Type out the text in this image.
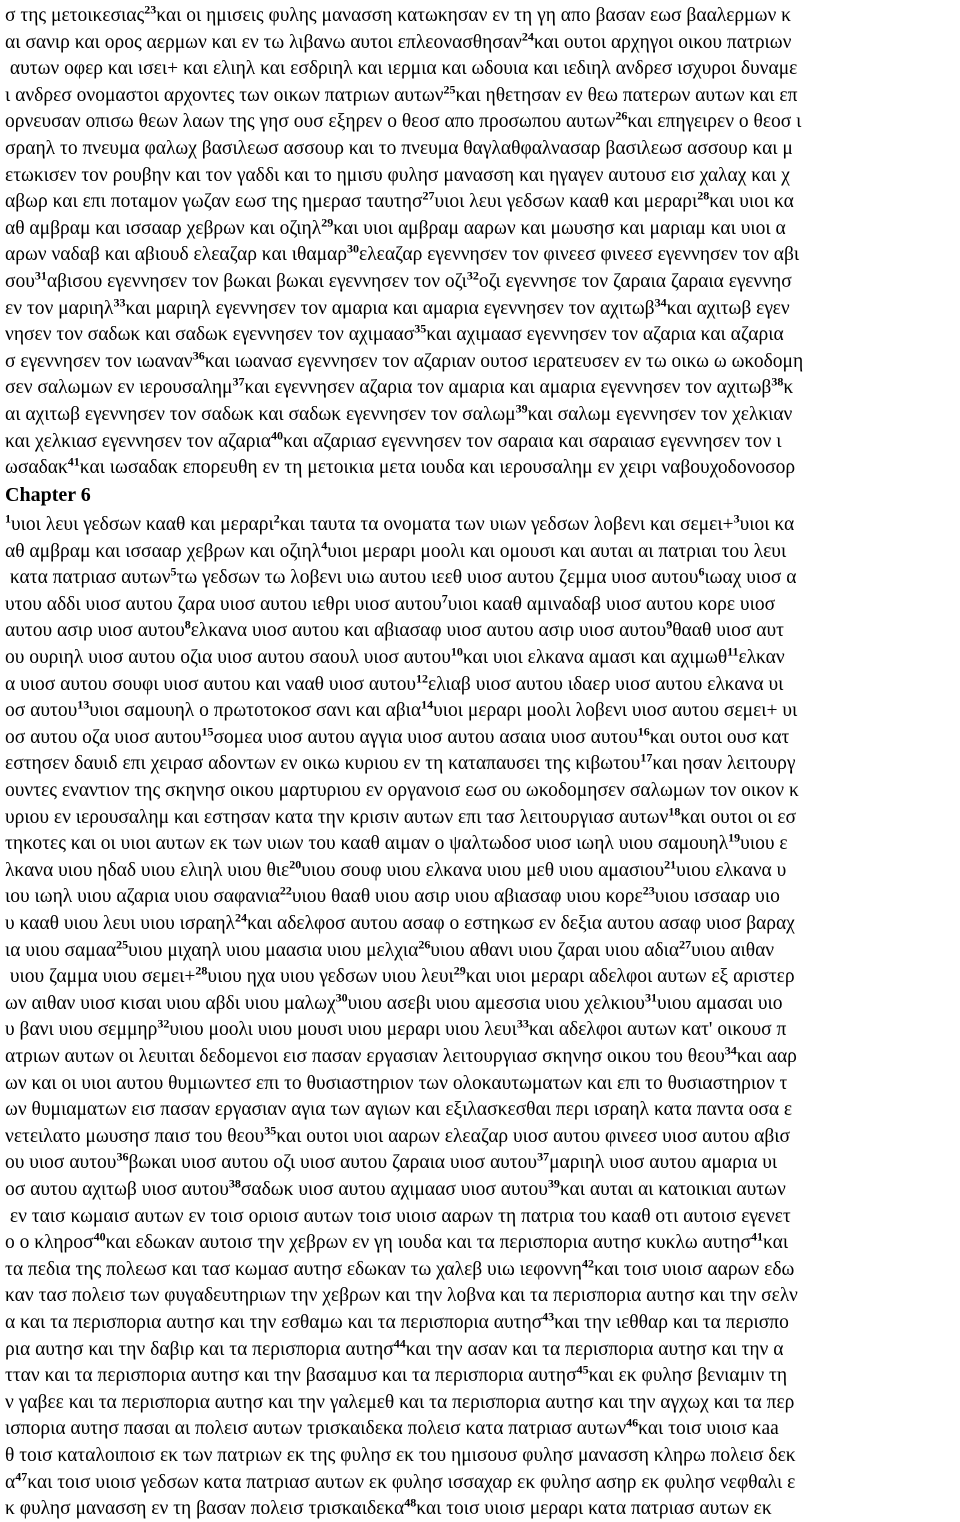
σ της μετοικεσιας$^{23}$και οι ημισεις φυλης μανασση κατωκησαν εν τη γη απο βασαν εωσ βααλερμων κ
αι σανιρ και ορος αερμων και εν τω λιβανω αυτοι επλεονασθησαν$^{24}$και ουτοι αρχηγοι οικου πατριων
αυτων οφερ και ισει+ και ελιηλ και εσδριηλ και ιερμια και ωδουια και ιεδιηλ ανδρεσ ισχυροι δυναμε
ι ανδρεσ ονομαστοι αρχοντες των οικων πατριων αυτων$^{25}$και ηθετησαν εν θεω πατερων αυτων και επ
ορνευσαν οπισω θεων λαων της γησ ουσ εξηρεν ο θεοσ απο προσωπου αυτων$^{26}$και επηγειρεν ο θεοσ ι
σραηλ το πνευμα φαλωχ βασιλεωσ ασσουρ και το πνευμα θαγλαθφαλνασαρ βασιλεωσ ασσουρ και μ
ετωκισεν τον ρουβην και τον γαδδι και το ημισυ φυλησ μανασση και ηγαγεν αυτουσ εισ χαλαχ και χ
αβωρ και επι ποταμον γωζαν εωσ της ημερασ ταυτησ$^{27}$υιοι λευι γεδσων κααθ και μεραρι$^{28}$και υιοι κα
αθ αμβραμ και ισσααρ χεβρων και οζιηλ$^{29}$και υιοι αμβραμ ααρων και μωυσησ και μαριαμ και υιοι α
αρων ναδαβ και αβιουδ ελεαζαρ και ιθαμαρ$^{30}$ελεαζαρ εγεννησεν τον φινεεσ φινεεσ εγεννησεν τον αβι
σου$^{31}$αβισου εγεννησεν τον βωκαι βωκαι εγεννησεν τον οζι$^{32}$οζι εγεννησε τον ζαραια ζαραια εγεννησ
εν τον μαριηλ$^{33}$και μαριηλ εγεννησεν τον αμαρια και αμαρια εγεννησεν τον αχιτωβ$^{34}$και αχιτωβ εγεν
νησεν τον σαδωκ και σαδωκ εγεννησεν τον αχιμαασ$^{35}$και αχιμαασ εγεννησεν τον αζαρια και αζαρια
σ εγεννησεν τον ιωαναν$^{36}$και ιωανασ εγεννησεν τον αζαριαν ουτοσ ιερατευσεν εν τω οικω ω ωκοδομη
σεν σαλωμων εν ιερουσαλημ$^{37}$και εγεννησεν αζαρια τον αμαρια και αμαρια εγεννησεν τον αχιτωβ$^{38}$κ
αι αχιτωβ εγεννησεν τον σαδωκ και σαδωκ εγεννησεν τον σαλωμ$^{39}$και σαλωμ εγεννησεν τον χελκιαν
και χελκιασ εγεννησεν τον αζαρια$^{40}$και αζαριασ εγεννησεν τον σαραια και σαραιασ εγεννησεν τον ι
ωσαδακ$^{41}$και ιωσαδακ επορευθη εν τη μετοικια μετα ιουδα και ιερουσαλημ εν χειρι ναβουχοδονοσορ
Chapter 6
$^1$υιοι λευι γεδσων κααθ και μεραρι$^2$και ταυτα τα ονοματα των υιων γεδσων λοβενι και σεμει+$^3$υιοι κα
αθ αμβραμ και ισσααρ χεβρων και οζιηλ$^4$υιοι μεραρι μοολι και ομουσι και αυται αι πατριαι του λευι
κατα πατριασ αυτων$^5$τω γεδσων τω λοβενι υιω αυτου ιεεθ υιοσ αυτου ζεμμα υιοσ αυτου$^6$ιωαχ υιοσ α
υτου αδδι υιοσ αυτου ζαρα υιοσ αυτου ιεθρι υιοσ αυτου$^7$υιοι κααθ αμιναδαβ υιοσ αυτου κορε υιοσ
αυτου ασιρ υιοσ αυτου$^8$ελκανα υιοσ αυτου και αβιασαφ υιοσ αυτου ασιρ υιοσ αυτου$^9$θααθ υιοσ αυτ
ου ουριηλ υιοσ αυτου οζια υιοσ αυτου σαουλ υιοσ αυτου$^{10}$και υιοι ελκανα αμασι και αχιμωθ$^{11}$ελκαν
α υιοσ αυτου σουφι υιοσ αυτου και νααθ υιοσ αυτου$^{12}$ελιαβ υιοσ αυτου ιδαερ υιοσ αυτου ελκανα υι
οσ αυτου$^{13}$υιοι σαμουηλ ο πρωτοτοκοσ σανι και αβια$^{14}$υιοι μεραρι μοολι λοβενι υιοσ αυτου σεμει+ υι
οσ αυτου οζα υιοσ αυτου$^{15}$σομεα υιοσ αυτου αγγια υιοσ αυτου ασαια υιοσ αυτου$^{16}$και ουτοι ουσ κατ
εστησεν δαυιδ επι χειρασ αδοντων εν οικω κυριου εν τη καταπαυσει της κιβωτου$^{17}$και ησαν λειτουργ
ουντες εναντιον της σκηνησ οικου μαρτυριου εν οργανοισ εωσ ου ωκοδομησεν σαλωμων τον οικον κ
υριου εν ιερουσαλημ και εστησαν κατα την κρισιν αυτων επι τασ λειτουργιασ αυτων$^{18}$και ουτοι οι εσ
τηκοτες και οι υιοι αυτων εκ των υιων του κααθ αιμαν ο ψαλτωδοσ υιοσ ιωηλ υιου σαμουηλ$^{19}$υιου ε
λκανα υιου ηδαδ υιου ελιηλ υιου θιε$^{20}$υιου σουφ υιου ελκανα υιου μεθ υιου αμασιου$^{21}$υιου ελκανα υ
ιου ιωηλ υιου αζαρια υιου σαφανια$^{22}$υιου θααθ υιου ασιρ υιου αβιασαφ υιου κορε$^{23}$υιου ισσααρ υιο
υ κααθ υιου λευι υιου ισραηλ$^{24}$και αδελφοσ αυτου ασαφ ο εστηκωσ εν δεξια αυτου ασαφ υιοσ βαραχ
ια υιου σαμαα$^{25}$υιου μιχαηλ υιου μαασια υιου μελχια$^{26}$υιου αθανι υιου ζαραι υιου αδια$^{27}$υιου αιθαν
υιου ζαμμα υιου σεμει+$^{28}$υιου ηχα υιου γεδσων υιου λευι$^{29}$και υιοι μεραρι αδελφοι αυτων εξ αριστερ
ων αιθαν υιοσ κισαι υιου αβδι υιου μαλωχ$^{30}$υιου ασεβι υιου αμεσσια υιου χελκιου$^{31}$υιου αμασαι υιο
υ βανι υιου σεμμηρ$^{32}$υιου μοολι υιου μουσι υιου μεραρι υιου λευι$^{33}$και αδελφοι αυτων κατ' οικουσ π
ατριων αυτων οι λευιται δεδομενοι εισ πασαν εργασιαν λειτουργιασ σκηνησ οικου του θεου$^{34}$και ααρ
ων και οι υιοι αυτου θυμιωντεσ επι το θυσιαστηριον των ολοκαυτωματων και επι το θυσιαστηριον τ
ων θυμιαματων εισ πασαν εργασιαν αγια των αγιων και εξιλασκεσθαι περι ισραηλ κατα παντα οσα ε
νετειλατο μωυσησ παισ του θεου$^{35}$και ουτοι υιοι ααρων ελεαζαρ υιοσ αυτου φινεεσ υιοσ αυτου αβισ
ου υιοσ αυτου$^{36}$βωκαι υιοσ αυτου οζι υιοσ αυτου ζαραια υιοσ αυτου$^{37}$μαριηλ υιοσ αυτου αμαρια υι
οσ αυτου αχιτωβ υιοσ αυτου$^{38}$σαδωκ υιοσ αυτου αχιμαασ υιοσ αυτου$^{39}$και αυται αι κατοικιαι αυτων
εν ταισ κωμαισ αυτων εν τοισ οριοισ αυτων τοισ υιοισ ααρων τη πατρια του κααθ οτι αυτοισ εγενετ
ο ο κληροσ$^{40}$και εδωκαν αυτοισ την χεβρων εν γη ιουδα και τα περισπορια αυτησ κυκλω αυτησ$^{41}$και
τα πεδια της πολεωσ και τασ κωμασ αυτησ εδωκαν τω χαλεβ υιω ιεφοννη$^{42}$και τοισ υιοισ ααρων εδω
καν τασ πολεισ των φυγαδευτηριων την χεβρων και την λοβνα και τα περισπορια αυτησ και την σελν
α και τα περισπορια αυτησ και την εσθαμω και τα περισπορια αυτησ$^{43}$και την ιεθθαρ και τα περισπο
ρια αυτησ και την δαβιρ και τα περισπορια αυτησ$^{44}$και την ασαν και τα περισπορια αυτησ και την α
τταν και τα περισπορια αυτησ και την βασαμυσ και τα περισπορια αυτησ$^{45}$και εκ φυλησ βενιαμιν τη
ν γαβεε και τα περισπορια αυτησ και την γαλεμεθ και τα περισπορια αυτησ και την αγχωχ και τα περ
ισπορια αυτησ πασαι αι πολεισ αυτων τρισκαιδεκα πολεισ κατα πατριασ αυτων$^{46}$και τοισ υιοισ κaa
θ τοισ καταλοιποισ εκ των πατριων εκ της φυλησ εκ του ημισουσ φυλησ μανασση κληρω πολεισ δεκ
$\alpha^{47}\kappa\alpha\iota$ τοισ υιοισ γεδσων κατα πατριασ αυτων εκ φυλησ ισσαχαρ εκ φυλησ ασηρ εκ φυλησ νεφθαλι ε
κ φυλησ μανασση εν τη βασαν πολεισ τρισκαιδεκα$^{48}$και τοισ υιοισ μεραρι κατα πατριασ αυτων εκ
